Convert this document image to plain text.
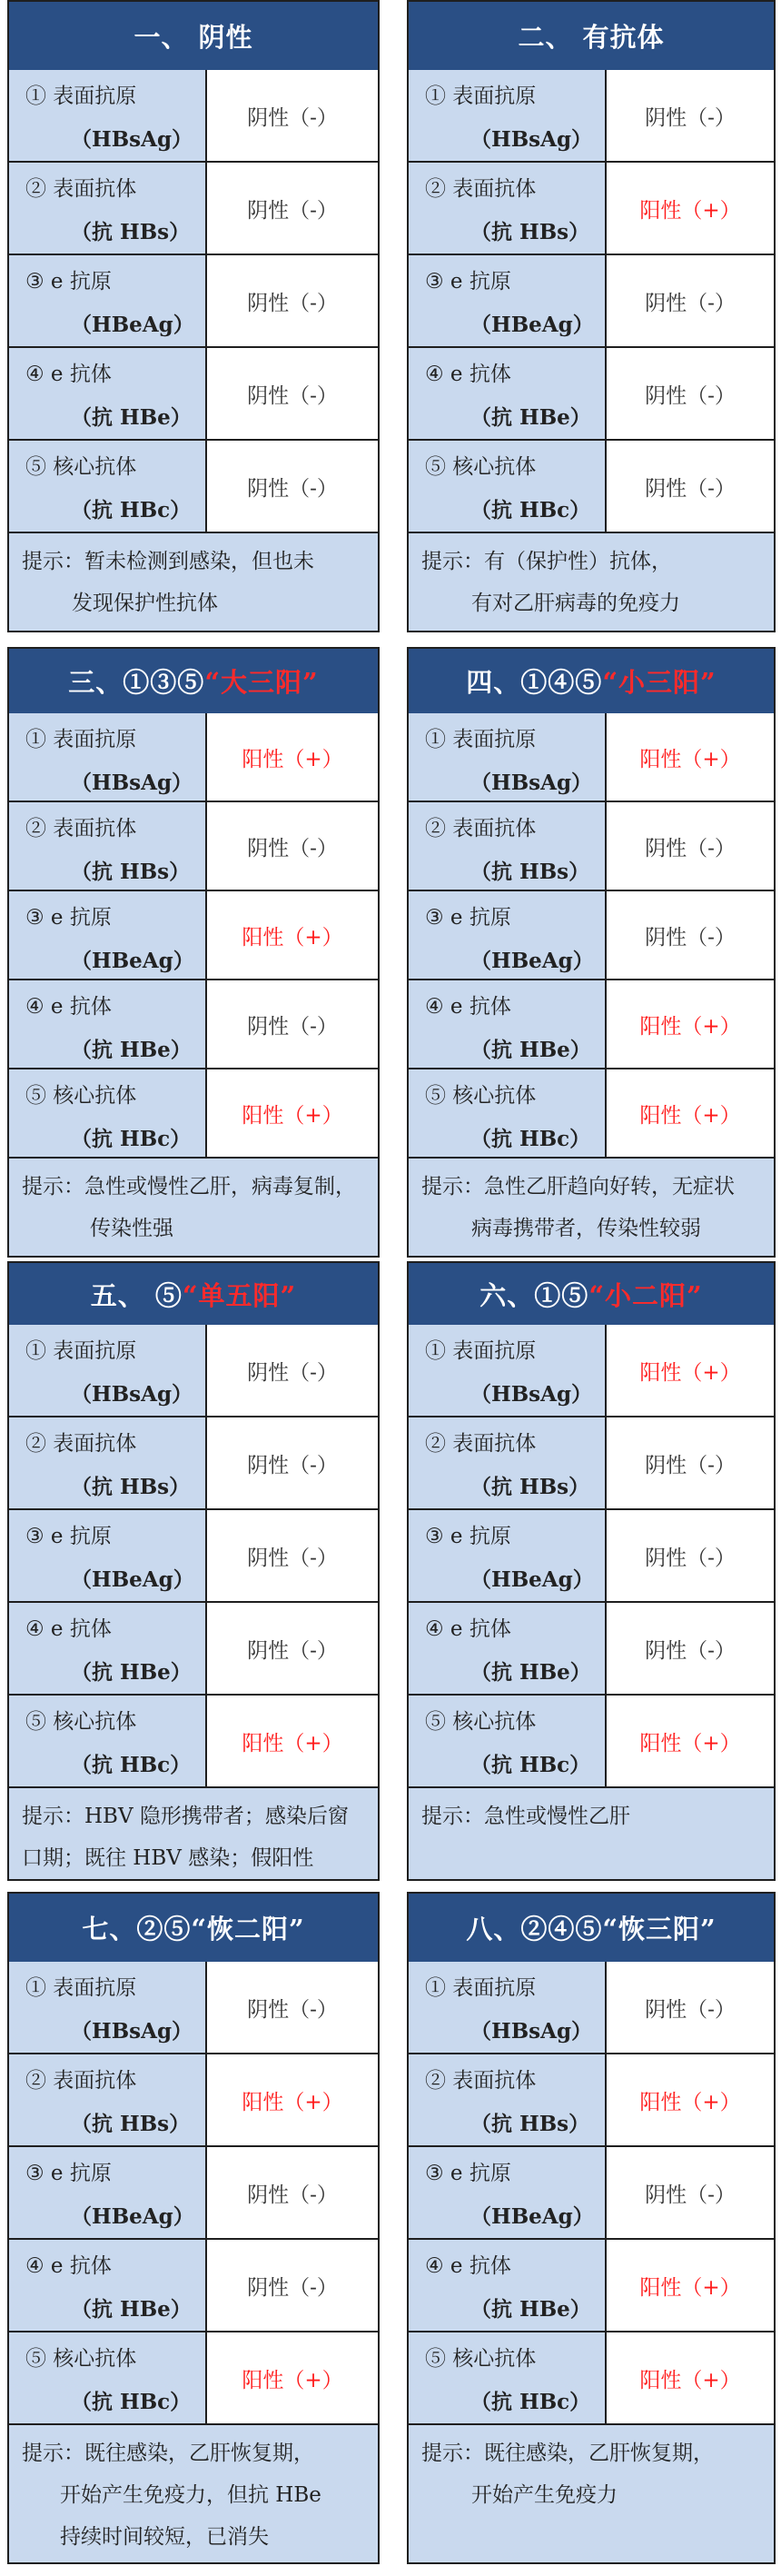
一、 阴性
① 表面抗原
（HBsAg）
阴性（-）
② 表面抗体
（抗 HBs）
阴性（-）
③ e 抗原
（HBeAg）
阴性（-）
④ e 抗体
（抗 HBe）
阴性（-）
⑤ 核心抗体
（抗 HBc）
阴性（-）
提示：暂未检测到感染，但也未
发现保护性抗体
二、 有抗体
① 表面抗原
（HBsAg）
阴性（-）
② 表面抗体
（抗 HBs）
阳性（+）
③ e 抗原
（HBeAg）
阴性（-）
④ e 抗体
（抗 HBe）
阴性（-）
⑤ 核心抗体
（抗 HBc）
阴性（-）
提示：有（保护性）抗体，
有对乙肝病毒的免疫力
三、①③⑤ “大三阳”
① 表面抗原
（HBsAg）
阳性（+）
② 表面抗体
（抗 HBs）
阴性（-）
③ e 抗原
（HBeAg）
阳性（+）
④ e 抗体
（抗 HBe）
阴性（-）
⑤ 核心抗体
（抗 HBc）
阳性（+）
提示：急性或慢性乙肝，病毒复制，
传染性强
四、①④⑤ “小三阳”
① 表面抗原
（HBsAg）
阳性（+）
② 表面抗体
（抗 HBs）
阴性（-）
③ e 抗原
（HBeAg）
阴性（-）
④ e 抗体
（抗 HBe）
阳性（+）
⑤ 核心抗体
（抗 HBc）
阳性（+）
提示：急性乙肝趋向好转，无症状
病毒携带者，传染性较弱
五、 ⑤ “单五阳”
① 表面抗原
（HBsAg）
阴性（-）
② 表面抗体
（抗 HBs）
阴性（-）
③ e 抗原
（HBeAg）
阴性（-）
④ e 抗体
（抗 HBe）
阴性（-）
⑤ 核心抗体
（抗 HBc）
阳性（+）
提示：HBV 隐形携带者；感染后窗
口期；既往 HBV 感染；假阳性
六、①⑤ “小二阳”
① 表面抗原
（HBsAg）
阳性（+）
② 表面抗体
（抗 HBs）
阴性（-）
③ e 抗原
（HBeAg）
阴性（-）
④ e 抗体
（抗 HBe）
阴性（-）
⑤ 核心抗体
（抗 HBc）
阳性（+）
提示：急性或慢性乙肝
七、②⑤“恢二阳”
① 表面抗原
（HBsAg）
阴性（-）
② 表面抗体
（抗 HBs）
阳性（+）
③ e 抗原
（HBeAg）
阴性（-）
④ e 抗体
（抗 HBe）
阴性（-）
⑤ 核心抗体
（抗 HBc）
阳性（+）
提示：既往感染，乙肝恢复期，
开始产生免疫力，但抗 HBe
持续时间较短，已消失
八、②④⑤“恢三阳”
① 表面抗原
（HBsAg）
阴性（-）
② 表面抗体
（抗 HBs）
阳性（+）
③ e 抗原
（HBeAg）
阴性（-）
④ e 抗体
（抗 HBe）
阳性（+）
⑤ 核心抗体
（抗 HBc）
阳性（+）
提示：既往感染，乙肝恢复期，
开始产生免疫力
